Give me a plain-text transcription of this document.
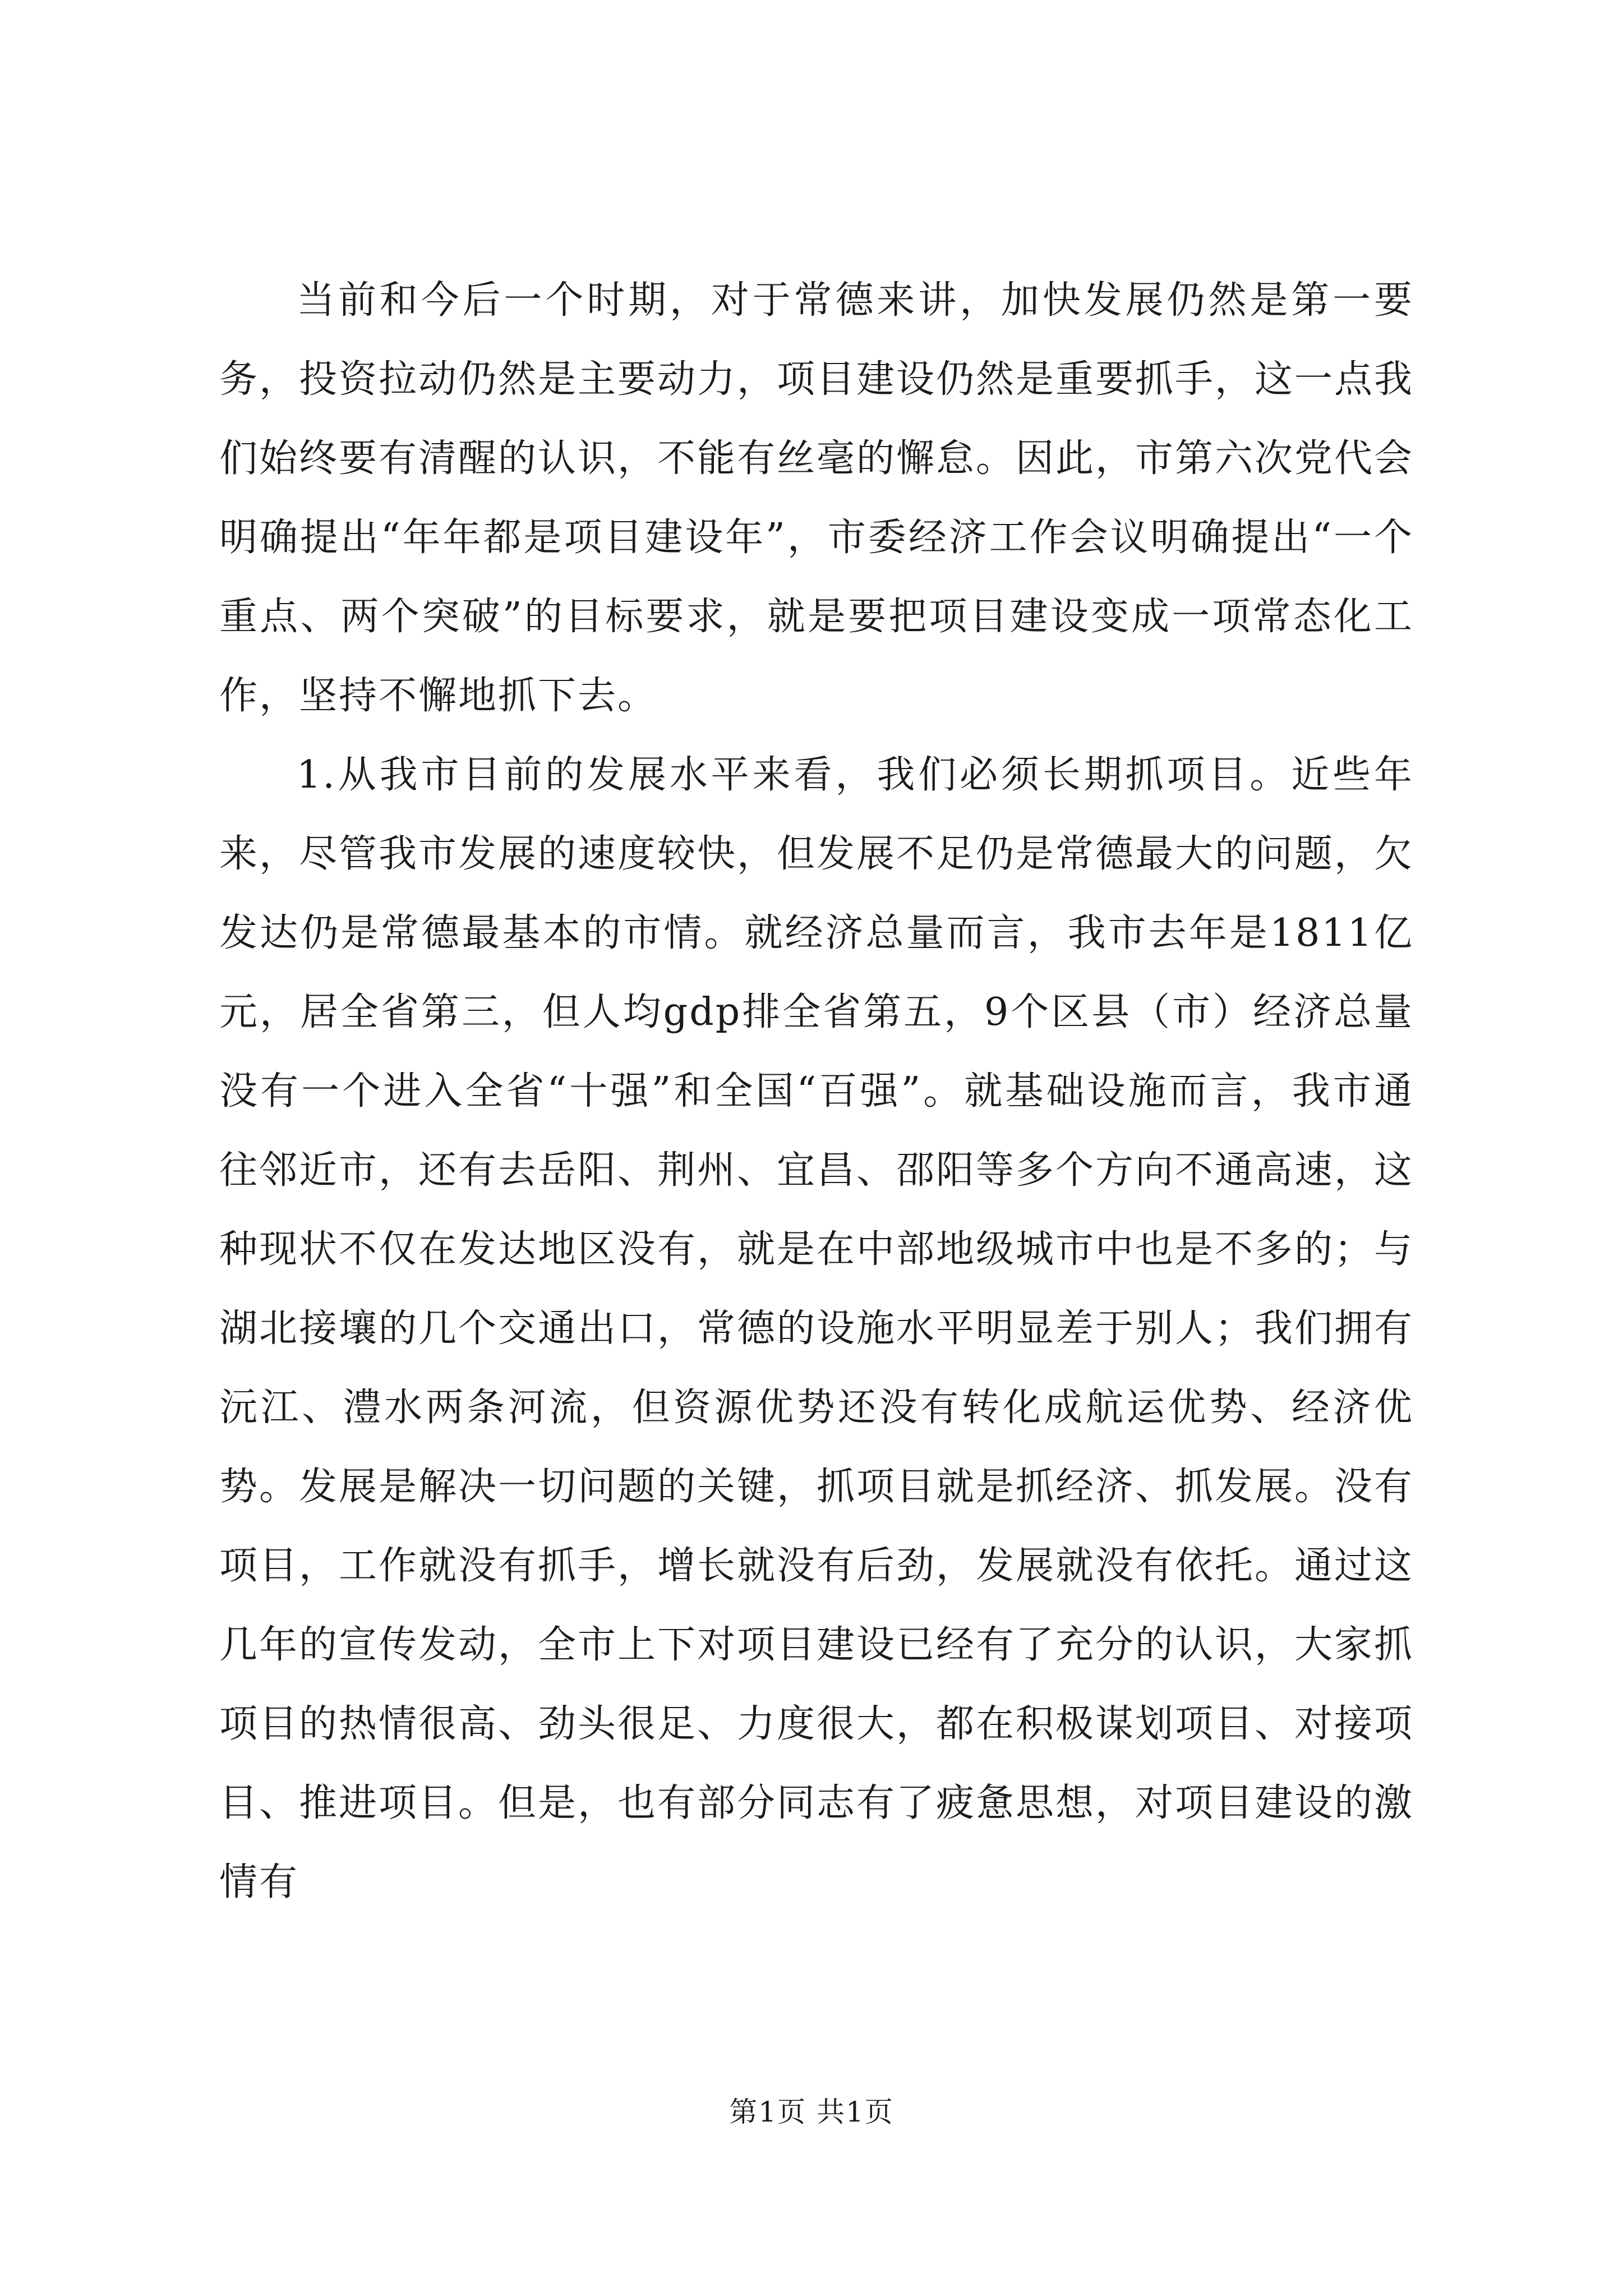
当前和今后一个时期，对于常德来讲，加快发展仍然是第一要务，投资拉动仍然是主要动力，项目建设仍然是重要抓手，这一点我们始终要有清醒的认识，不能有丝毫的懈怠。因此，市第六次党代会明确提出“年年都是项目建设年”，市委经济工作会议明确提出“一个重点、两个突破”的目标要求，就是要把项目建设变成一项常态化工作，坚持不懈地抓下去。

1.从我市目前的发展水平来看，我们必须长期抓项目。近些年来，尽管我市发展的速度较快，但发展不足仍是常德最大的问题，欠发达仍是常德最基本的市情。就经济总量而言，我市去年是1811亿元，居全省第三，但人均gdp排全省第五，9个区县（市）经济总量没有一个进入全省“十强”和全国“百强”。就基础设施而言，我市通往邻近市，还有去岳阳、荆州、宜昌、邵阳等多个方向不通高速，这种现状不仅在发达地区没有，就是在中部地级城市中也是不多的；与湖北接壤的几个交通出口，常德的设施水平明显差于别人；我们拥有沅江、澧水两条河流，但资源优势还没有转化成航运优势、经济优势。发展是解决一切问题的关键，抓项目就是抓经济、抓发展。没有项目，工作就没有抓手，增长就没有后劲，发展就没有依托。通过这几年的宣传发动，全市上下对项目建设已经有了充分的认识，大家抓项目的热情很高、劲头很足、力度很大，都在积极谋划项目、对接项目、推进项目。但是，也有部分同志有了疲惫思想，对项目建设的激情有

第1页 共1页
